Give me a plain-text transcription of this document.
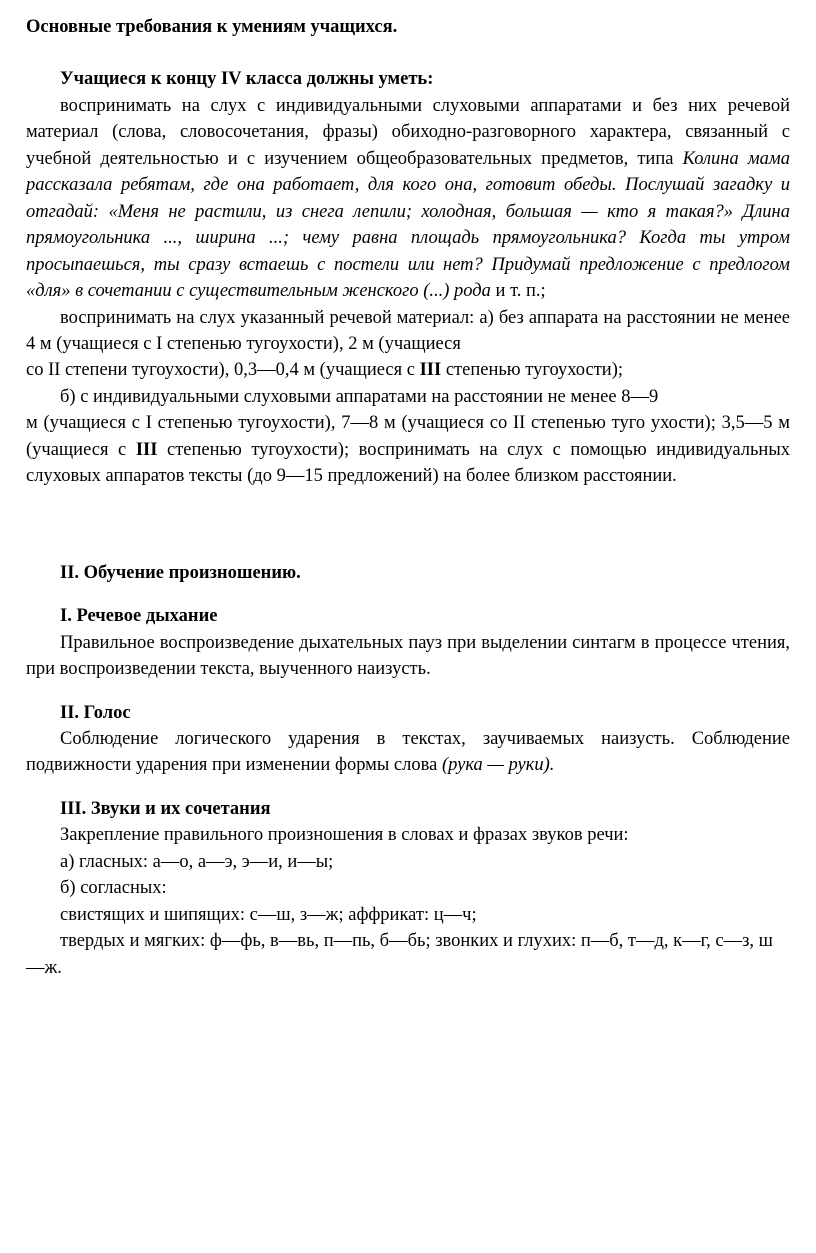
Основные требования к умениям учащихся.

Учащиеся к концу IV класса должны уметь:

воспринимать на слух с индивидуальными слуховыми аппаратами и без них речевой материал (слова, словосочетания, фразы) обиходно-разговорного характера, связанный с учебной деятельностью и с изучением общеобразовательных предметов, типа Колина мама рассказала ребятам, где она работает, для кого она, готовит обеды. Послушай загадку и отгадай: «Меня не растили, из снега лепили; холодная, большая — кто я такая?» Длина прямоугольника ..., ширина ...; чему равна площадь прямоугольника? Когда ты утром просыпаешься, ты сразу встаешь с постели или нет? Придумай предложение с предлогом «для» в сочетании с существительным женского (...) рода и т. п.;

воспринимать на слух указанный речевой материал: а) без аппарата на расстоянии не менее 4 м (учащиеся с I степенью тугоухости), 2 м (учащиеся

со II степени тугоухости), 0,3—0,4 м (учащиеся с III степенью тугоухости);

б) с индивидуальными слуховыми аппаратами на расстоянии не менее 8—9

м (учащиеся с I степенью тугоухости), 7—8 м (учащиеся со II степенью туго ухости); 3,5—5 м (учащиеся с III степенью тугоухости); воспринимать на слух с помощью индивидуальных слуховых аппаратов тексты (до 9—15 предложений) на более близком расстоянии.

II. Обучение произношению.

I. Речевое дыхание

Правильное воспроизведение дыхательных пауз при выделении синтагм в процессе чтения, при воспроизведении текста, выученного наизусть.

II. Голос

Соблюдение логического ударения в текстах, заучиваемых наизусть. Соблюдение подвижности ударения при изменении формы слова (рука — руки).

III. Звуки и их сочетания

Закрепление правильного произношения в словах и фразах звуков речи:

а) гласных: а—о, а—э, э—и, и—ы;

б) согласных:

свистящих и шипящих: с—ш, з—ж; аффрикат: ц—ч;

твердых и мягких: ф—фь, в—вь, п—пь, б—бь; звонких и глухих: п—б, т—д, к—г, с—з, ш—ж.
